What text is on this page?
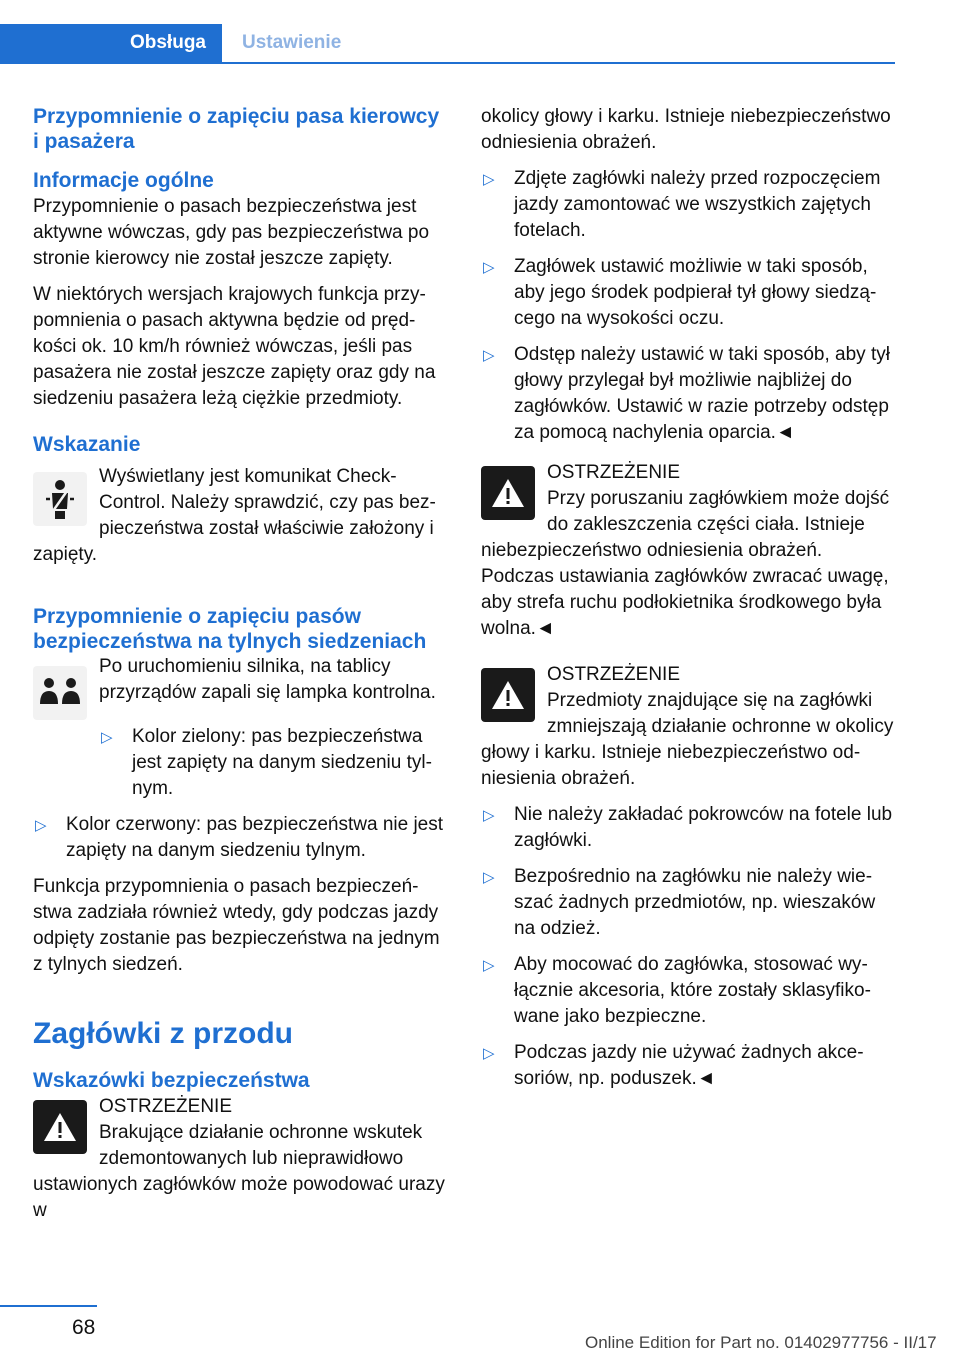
Obsługa	Ustawienie
Przypomnienie o zapięciu pasa kierowcy i pasażera
Informacje ogólne

Przypomnienie o pasach bezpieczeństwa jest aktywne wówczas, gdy pas bezpieczeństwa po stronie kierowcy nie został jeszcze zapięty.

W niektórych wersjach krajowych funkcja przypomnienia o pasach aktywna będzie od prędkości ok. 10 km/h również wówczas, jeśli pas pasażera nie został jeszcze zapięty oraz gdy na siedzeniu pasażera leżą ciężkie przedmioty.

Wskazanie

Wyświetlany jest komunikat Check-Control. Należy sprawdzić, czy pas bezpieczeństwa został właściwie założony i zapięty.

Przypomnienie o zapięciu pasów bezpieczeństwa na tylnych siedzeniach

Po uruchomieniu silnika, na tablicy przyrządów zapali się lampka kontrolna.

▷ Kolor zielony: pas bezpieczeństwa jest zapięty na danym siedzeniu tylnym.
▷ Kolor czerwony: pas bezpieczeństwa nie jest zapięty na danym siedzeniu tylnym.

Funkcja przypomnienia o pasach bezpieczeństwa zadziała również wtedy, gdy podczas jazdy odpięty zostanie pas bezpieczeństwa na jednym z tylnych siedzeń.

Zagłówki z przodu
Wskazówki bezpieczeństwa

OSTRZEŻENIE

Brakujące działanie ochronne wskutek zdemontowanych lub nieprawidłowo ustawionych zagłówków może powodować urazy w

okolicy głowy i karku. Istnieje niebezpieczeństwo odniesienia obrażeń.

▷ Zdjęte zagłówki należy przed rozpoczęciem jazdy zamontować we wszystkich zajętych fotelach.
▷ Zagłówek ustawić możliwie w taki sposób, aby jego środek podpierał tył głowy siedzącego na wysokości oczu.
▷ Odstęp należy ustawić w taki sposób, aby tył głowy przylegał był możliwie najbliżej do zagłówków. Ustawić w razie potrzeby odstęp za pomocą nachylenia oparcia.◄

OSTRZEŻENIE

Przy poruszaniu zagłówkiem może dojść do zakleszczenia części ciała. Istnieje niebezpieczeństwo odniesienia obrażeń. Podczas ustawiania zagłówków zwracać uwagę, aby strefa ruchu podłokietnika środkowego była wolna.◄

OSTRZEŻENIE

Przedmioty znajdujące się na zagłówki zmniejszają działanie ochronne w okolicy głowy i karku. Istnieje niebezpieczeństwo odniesienia obrażeń.

▷ Nie należy zakładać pokrowców na fotele lub zagłówki.
▷ Bezpośrednio na zagłówku nie należy wieszać żadnych przedmiotów, np. wieszaków na odzież.
▷ Aby mocować do zagłówka, stosować wyłącznie akcesoria, które zostały sklasyfikowane jako bezpieczne.
▷ Podczas jazdy nie używać żadnych akcesoriów, np. poduszek.◄
68
Online Edition for Part no. 01402977756 - II/17
